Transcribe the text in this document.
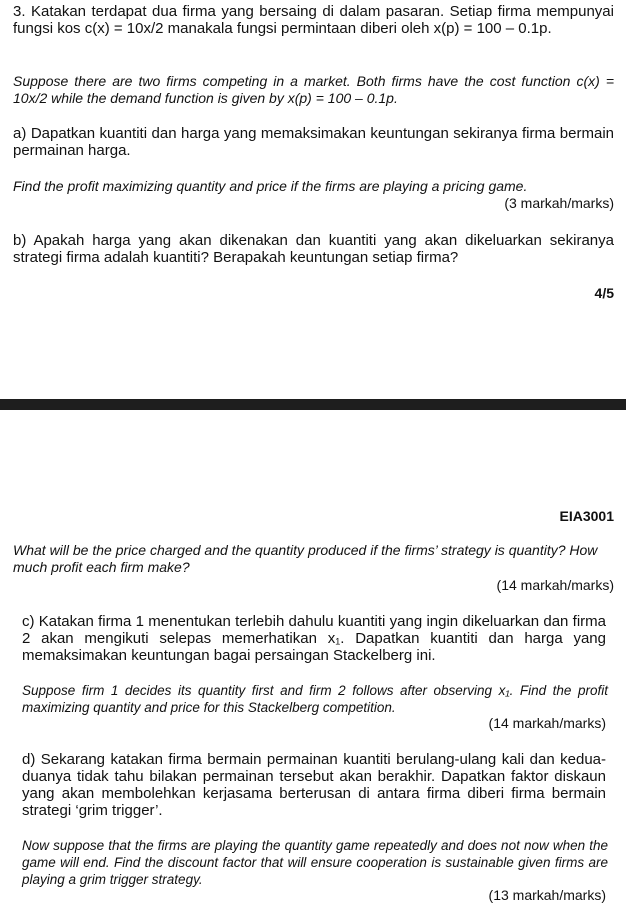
3. Katakan terdapat dua firma yang bersaing di dalam pasaran. Setiap firma mempunyai fungsi kos c(x) = 10x/2 manakala fungsi permintaan diberi oleh x(p) = 100 – 0.1p.

Suppose there are two firms competing in a market. Both firms have the cost function c(x) = 10x/2 while the demand function is given by x(p) = 100 – 0.1p.

a) Dapatkan kuantiti dan harga yang memaksimakan keuntungan sekiranya firma bermain permainan harga.

Find the profit maximizing quantity and price if the firms are playing a pricing game.

(3 markah/marks)

b) Apakah harga yang akan dikenakan dan kuantiti yang akan dikeluarkan sekiranya strategi firma adalah kuantiti? Berapakah keuntungan setiap firma?

4/5

EIA3001

What will be the price charged and the quantity produced if the firms’ strategy is quantity? How much profit each firm make?

(14 markah/marks)

c) Katakan firma 1 menentukan terlebih dahulu kuantiti yang ingin dikeluarkan dan firma 2 akan mengikuti selepas memerhatikan x₁. Dapatkan kuantiti dan harga yang memaksimakan keuntungan bagai persaingan Stackelberg ini.

Suppose firm 1 decides its quantity first and firm 2 follows after observing x₁. Find the profit maximizing quantity and price for this Stackelberg competition.

(14 markah/marks)

d) Sekarang katakan firma bermain permainan kuantiti berulang-ulang kali dan kedua-duanya tidak tahu bilakan permainan tersebut akan berakhir. Dapatkan faktor diskaun yang akan membolehkan kerjasama berterusan di antara firma diberi firma bermain strategi ‘grim trigger’.

Now suppose that the firms are playing the quantity game repeatedly and does not now when the game will end. Find the discount factor that will ensure cooperation is sustainable given firms are playing a grim trigger strategy.

(13 markah/marks)
